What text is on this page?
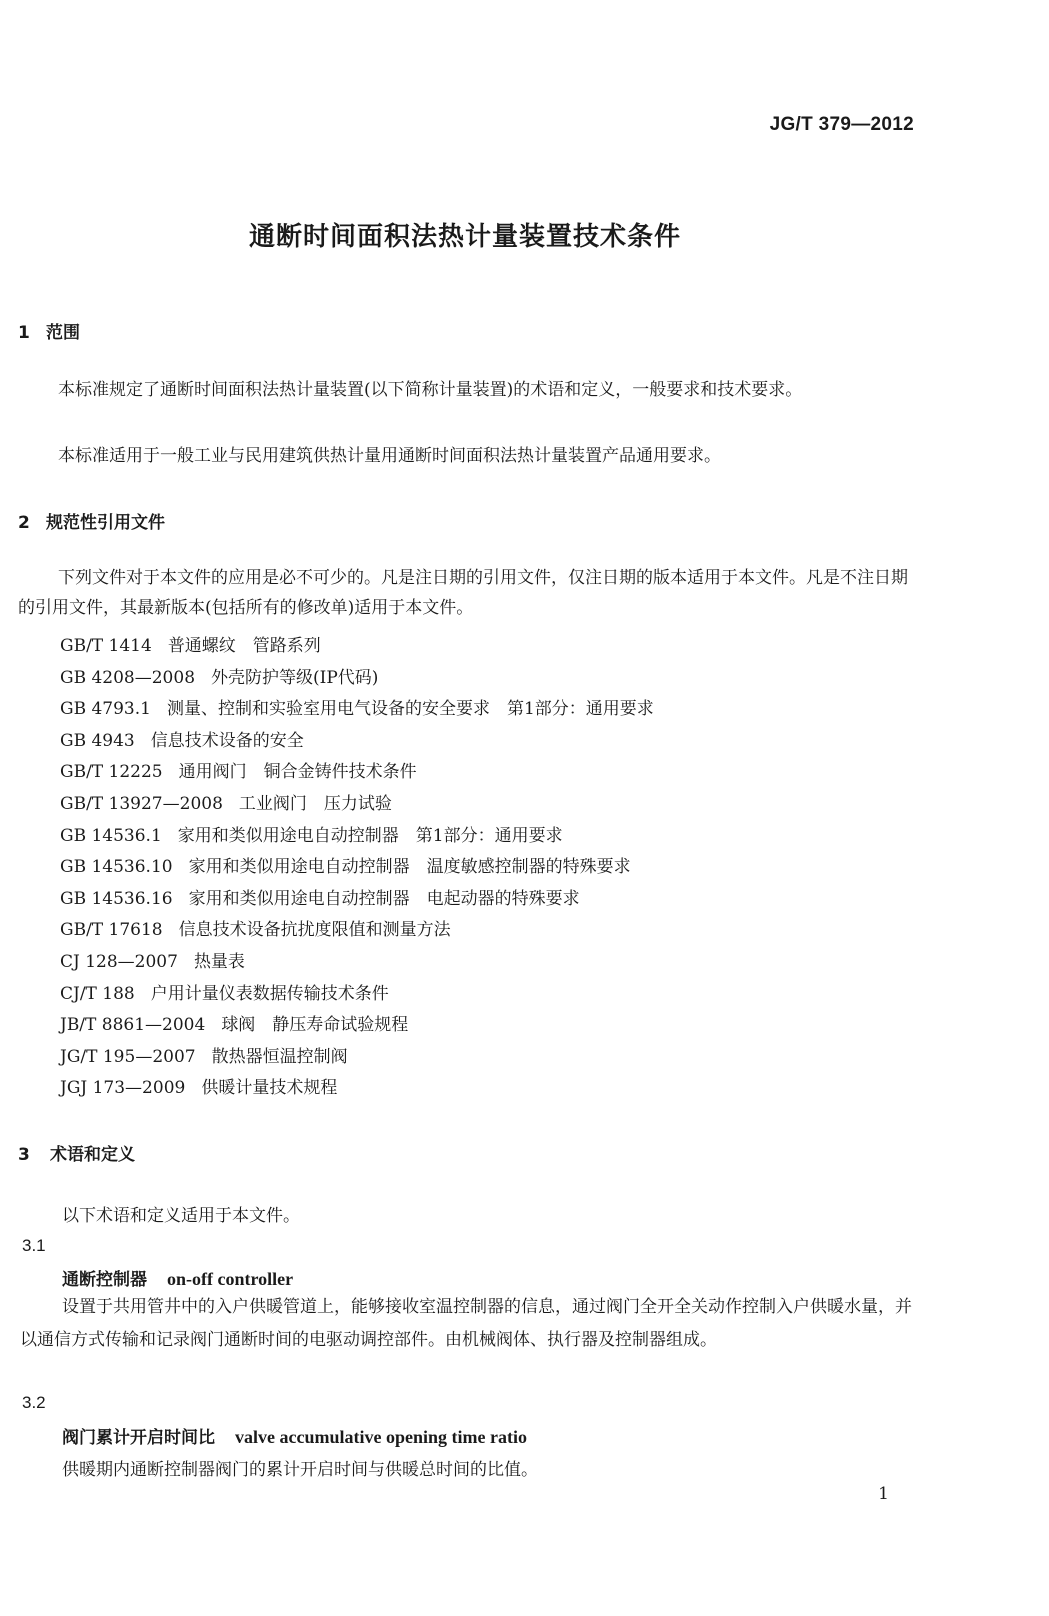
JG/T 379—2012
通断时间面积法热计量装置技术条件
1 范围
本标准规定了通断时间面积法热计量装置(以下简称计量装置)的术语和定义，一般要求和技术要求。
本标准适用于一般工业与民用建筑供热计量用通断时间面积法热计量装置产品通用要求。
2 规范性引用文件
下列文件对于本文件的应用是必不可少的。凡是注日期的引用文件，仅注日期的版本适用于本文件。凡是不注日期的引用文件，其最新版本(包括所有的修改单)适用于本文件。
GB/T 1414 普通螺纹　管路系列
GB 4208—2008 外壳防护等级(IP代码)
GB 4793.1 测量、控制和实验室用电气设备的安全要求　第1部分：通用要求
GB 4943 信息技术设备的安全
GB/T 12225 通用阀门　铜合金铸件技术条件
GB/T 13927—2008 工业阀门　压力试验
GB 14536.1 家用和类似用途电自动控制器　第1部分：通用要求
GB 14536.10 家用和类似用途电自动控制器　温度敏感控制器的特殊要求
GB 14536.16 家用和类似用途电自动控制器　电起动器的特殊要求
GB/T 17618 信息技术设备抗扰度限值和测量方法
CJ 128—2007 热量表
CJ/T 188 户用计量仪表数据传输技术条件
JB/T 8861—2004 球阀　静压寿命试验规程
JG/T 195—2007 散热器恒温控制阀
JGJ 173—2009 供暖计量技术规程
3 术语和定义
以下术语和定义适用于本文件。
3.1
通断控制器 on-off controller
设置于共用管井中的入户供暖管道上，能够接收室温控制器的信息，通过阀门全开全关动作控制入户供暖水量，并以通信方式传输和记录阀门通断时间的电驱动调控部件。由机械阀体、执行器及控制器组成。
3.2
阀门累计开启时间比 valve accumulative opening time ratio
供暖期内通断控制器阀门的累计开启时间与供暖总时间的比值。
1
